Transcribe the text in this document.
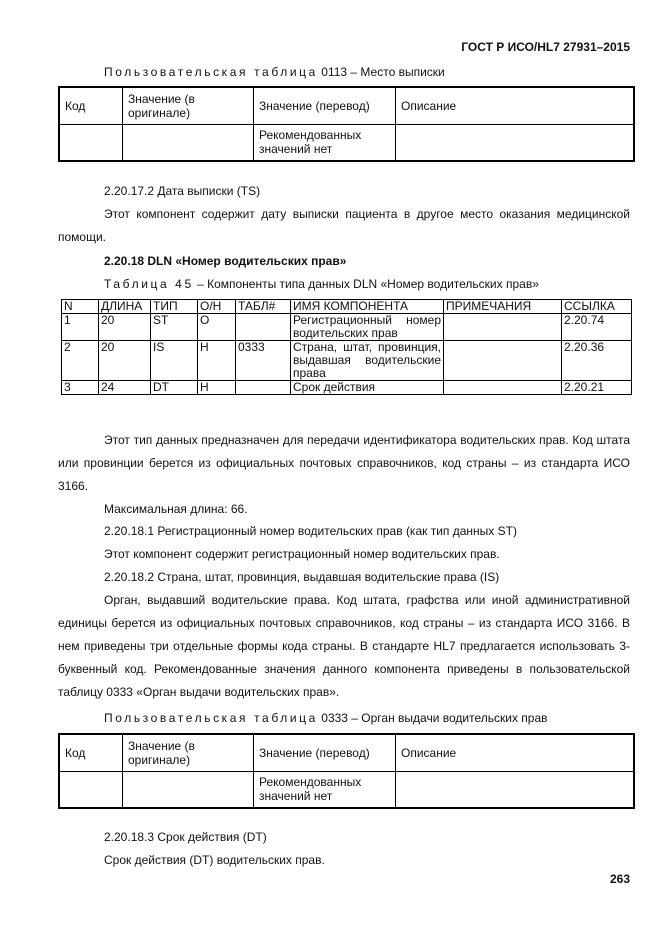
ГОСТ Р ИСО/HL7 27931–2015
Пользовательская таблица 0113 – Место выписки
Код	Значение (в оригинале)	Значение (перевод)	Описание
		Рекомендованных значений нет	
2.20.17.2 Дата выписки (TS)
Этот компонент содержит дату выписки пациента в другое место оказания медицинской помощи.
2.20.18 DLN «Номер водительских прав»
Таблица 45 – Компоненты типа данных DLN «Номер водительских прав»
N	ДЛИНА	ТИП	О/Н	ТАБЛ#	ИМЯ КОМПОНЕНТА	ПРИМЕЧАНИЯ	ССЫЛКА
1	20	ST	O		Регистрационный номер водительских прав		2.20.74
2	20	IS	H	0333	Страна, штат, провинция, выдавшая водительские права		2.20.36
3	24	DT	H		Срок действия		2.20.21
Этот тип данных предназначен для передачи идентификатора водительских прав. Код штата или провинции берется из официальных почтовых справочников, код страны – из стандарта ИСО 3166.
Максимальная длина: 66.
2.20.18.1 Регистрационный номер водительских прав (как тип данных ST)
Этот компонент содержит регистрационный номер водительских прав.
2.20.18.2 Страна, штат, провинция, выдавшая водительские права (IS)
Орган, выдавший водительские права. Код штата, графства или иной административной единицы берется из официальных почтовых справочников, код страны – из стандарта ИСО 3166. В нем приведены три отдельные формы кода страны. В стандарте HL7 предлагается использовать 3-буквенный код. Рекомендованные значения данного компонента приведены в пользовательской таблицу 0333 «Орган выдачи водительских прав».
Пользовательская таблица 0333 – Орган выдачи водительских прав
Код	Значение (в оригинале)	Значение (перевод)	Описание
		Рекомендованных значений нет	
2.20.18.3 Срок действия (DT)
Срок действия (DT) водительских прав.
263
